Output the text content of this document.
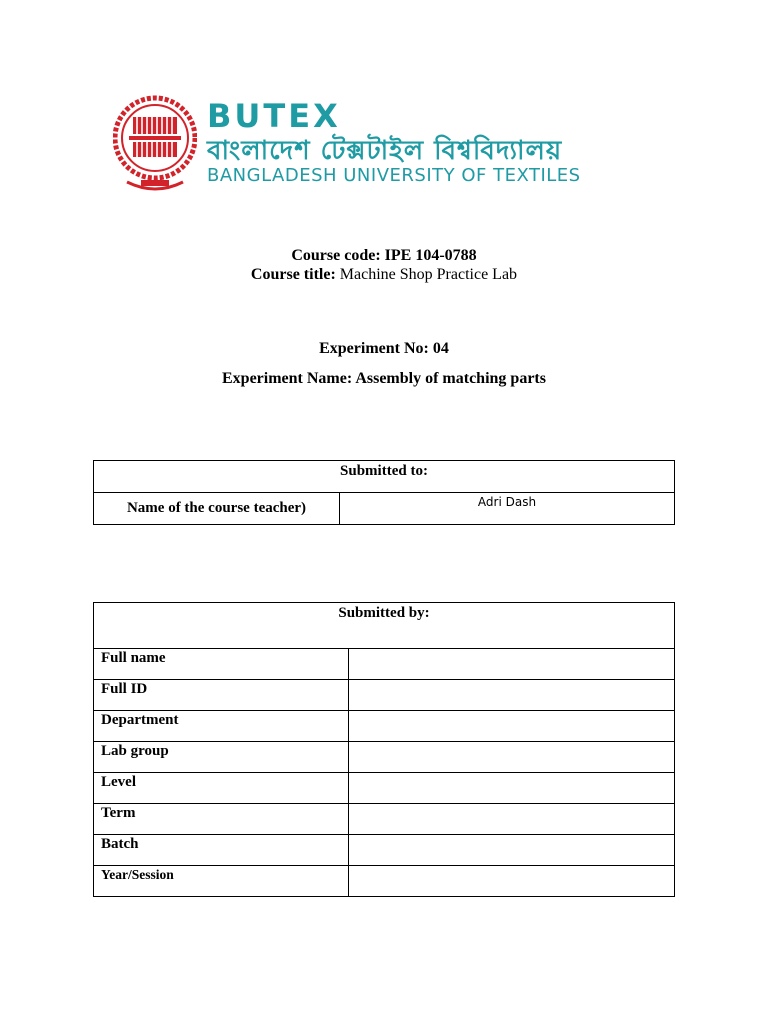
BUTEX
বাংলাদেশ টেক্সটাইল বিশ্ববিদ্যালয়
BANGLADESH UNIVERSITY OF TEXTILES
Course code: IPE 104-0788
Course title: Machine Shop Practice Lab
Experiment No: 04
Experiment Name: Assembly of matching parts
Submitted to:
Name of the course teacher)	Adri Dash
Submitted by:	
Full name	
Full ID	
Department	
Lab group	
Level	
Term	
Batch	
Year/Session	
